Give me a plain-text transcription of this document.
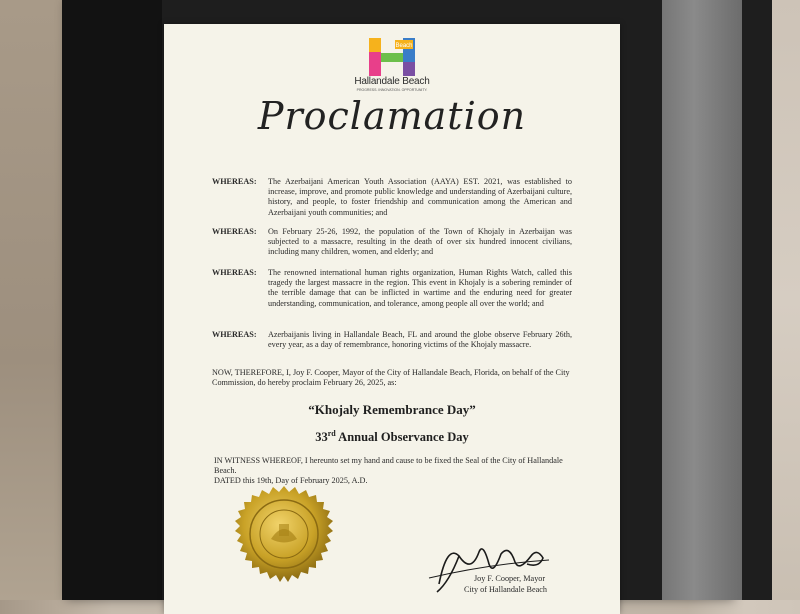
Beach
Hallandale Beach
PROGRESS. INNOVATION. OPPORTUNITY.
Proclamation
WHEREAS: The Azerbaijani American Youth Association (AAYA) EST. 2021, was established to increase, improve, and promote public knowledge and understanding of Azerbaijani culture, history, and people, to foster friendship and communication among the American and Azerbaijani youth communities; and
WHEREAS: On February 25-26, 1992, the population of the Town of Khojaly in Azerbaijan was subjected to a massacre, resulting in the death of over six hundred innocent civilians, including many children, women, and elderly; and
WHEREAS: The renowned international human rights organization, Human Rights Watch, called this tragedy the largest massacre in the region. This event in Khojaly is a sobering reminder of the terrible damage that can be inflicted in wartime and the enduring need for greater understanding, communication, and tolerance, among people all over the world; and
WHEREAS: Azerbaijanis living in Hallandale Beach, FL and around the globe observe February 26th, every year, as a day of remembrance, honoring victims of the Khojaly massacre.
NOW, THEREFORE, I, Joy F. Cooper, Mayor of the City of Hallandale Beach, Florida, on behalf of the City Commission, do hereby proclaim February 26, 2025, as:
“Khojaly Remembrance Day”
33rd Annual Observance Day
IN WITNESS WHEREOF, I hereunto set my hand and cause to be fixed the Seal of the City of Hallandale Beach.
DATED this 19th, Day of February 2025, A.D.
Joy F. Cooper, Mayor
City of Hallandale Beach
